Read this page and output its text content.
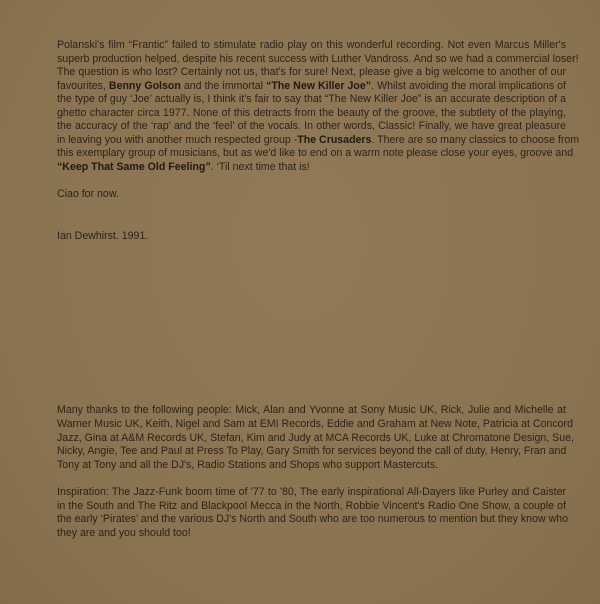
Polanski's film “Frantic” failed to stimulate radio play on this wonderful recording. Not even Marcus Miller's
superb production helped, despite his recent success with Luther Vandross. And so we had a commercial loser!
The question is who lost? Certainly not us, that's for sure! Next, please give a big welcome to another of our
favourites, Benny Golson and the immortal “The New Killer Joe”. Whilst avoiding the moral implications of
the type of guy ‘Joe’ actually is, I think it's fair to say that “The New Killer Joe” is an accurate description of a
ghetto character circa 1977. None of this detracts from the beauty of the groove, the subtlety of the playing,
the accuracy of the ‘rap’ and the ‘feel’ of the vocals. In other words, Classic! Finally, we have great pleasure
in leaving you with another much respected group -The Crusaders. There are so many classics to choose from
this exemplary group of musicians, but as we'd like to end on a warm note please close your eyes, groove and
“Keep That Same Old Feeling”. ‘Til next time that is!
Ciao for now.
Ian Dewhirst. 1991.
Many thanks to the following people: Mick, Alan and Yvonne at Sony Music UK, Rick, Julie and Michelle at
Warner Music UK, Keith, Nigel and Sam at EMI Records, Eddie and Graham at New Note, Patricia at Concord
Jazz, Gina at A&M Records UK, Stefan, Kim and Judy at MCA Records UK, Luke at Chromatone Design, Sue,
Nicky, Angie, Tee and Paul at Press To Play, Gary Smith for services beyond the call of duty, Henry, Fran and
Tony at Tony and all the DJ's, Radio Stations and Shops who support Mastercuts.
Inspiration: The Jazz-Funk boom time of '77 to '80, The early inspirational All-Dayers like Purley and Caister
in the South and The Ritz and Blackpool Mecca in the North, Robbie Vincent's Radio One Show, a couple of
the early ‘Pirates’ and the various DJ's North and South who are too numerous to mention but they know who
they are and you should too!
